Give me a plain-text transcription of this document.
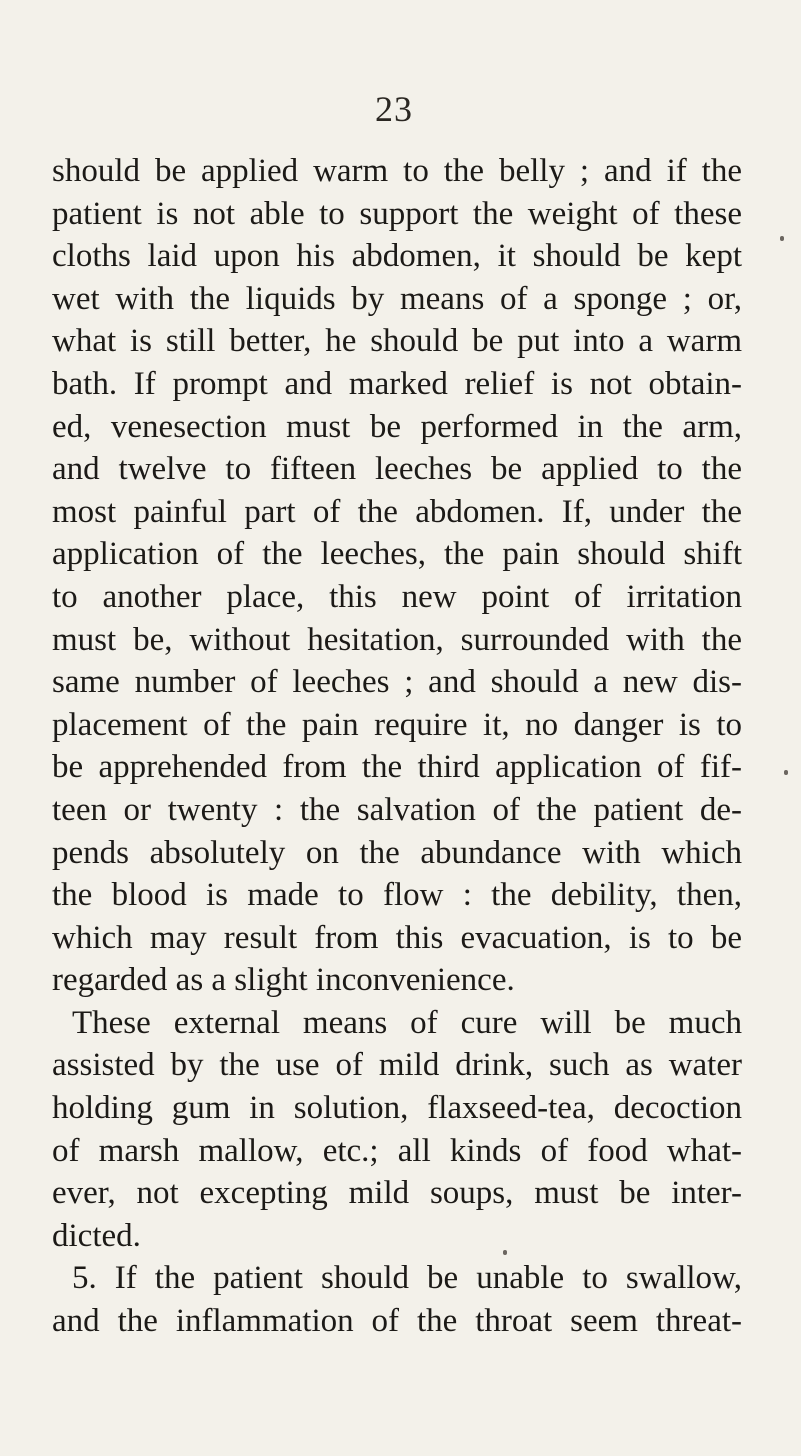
23
should be applied warm to the belly ; and if the
patient is not able to support the weight of these
cloths laid upon his abdomen, it should be kept
wet with the liquids by means of a sponge ; or,
what is still better, he should be put into a warm
bath. If prompt and marked relief is not obtain-
ed, venesection must be performed in the arm,
and twelve to fifteen leeches be applied to the
most painful part of the abdomen. If, under the
application of the leeches, the pain should shift
to another place, this new point of irritation
must be, without hesitation, surrounded with the
same number of leeches ; and should a new dis-
placement of the pain require it, no danger is to
be apprehended from the third application of fif-
teen or twenty : the salvation of the patient de-
pends absolutely on the abundance with which
the blood is made to flow : the debility, then,
which may result from this evacuation, is to be
regarded as a slight inconvenience.
These external means of cure will be much
assisted by the use of mild drink, such as water
holding gum in solution, flaxseed-tea, decoction
of marsh mallow, etc.; all kinds of food what-
ever, not excepting mild soups, must be inter-
dicted.
5. If the patient should be unable to swallow,
and the inflammation of the throat seem threat-
